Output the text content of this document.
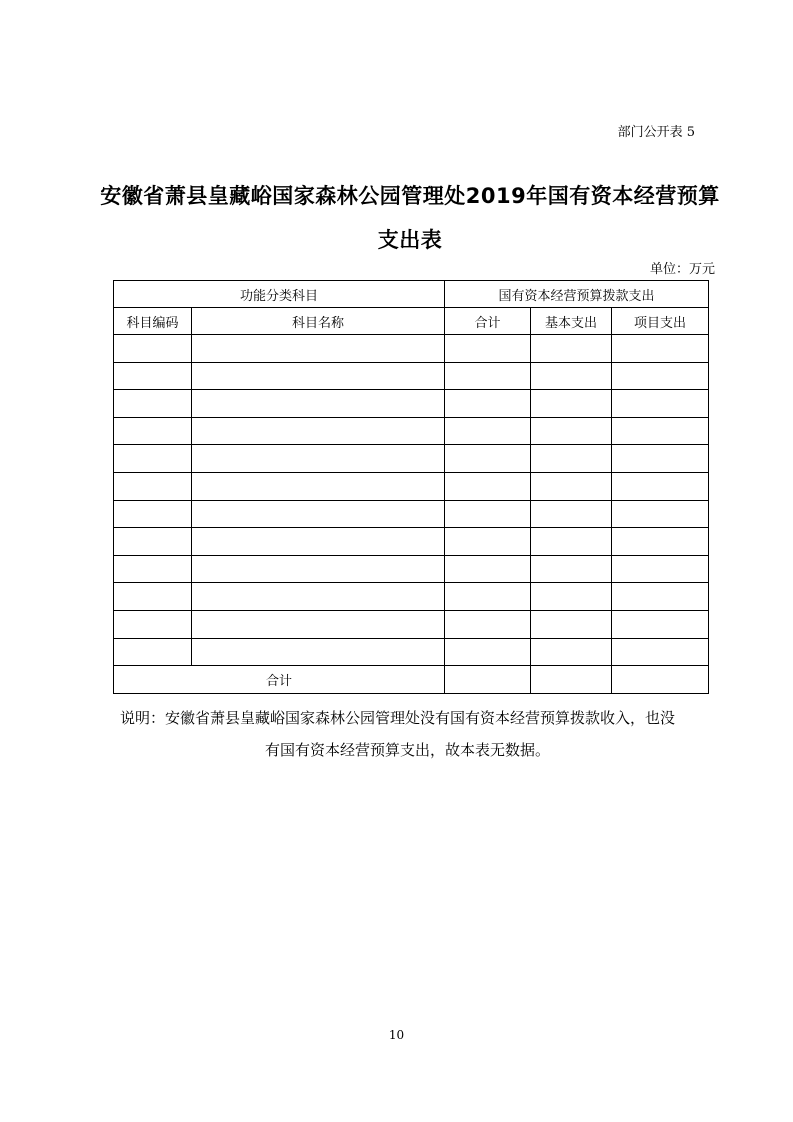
部门公开表 5
安徽省萧县皇藏峪国家森林公园管理处2019年国有资本经营预算支出表
单位：万元
功能分类科目		国有资本经营预算拨款支出		
科目编码	科目名称	合计	基本支出	项目支出

合计				
说明：安徽省萧县皇藏峪国家森林公园管理处没有国有资本经营预算拨款收入，也没
有国有资本经营预算支出，故本表无数据。
10
